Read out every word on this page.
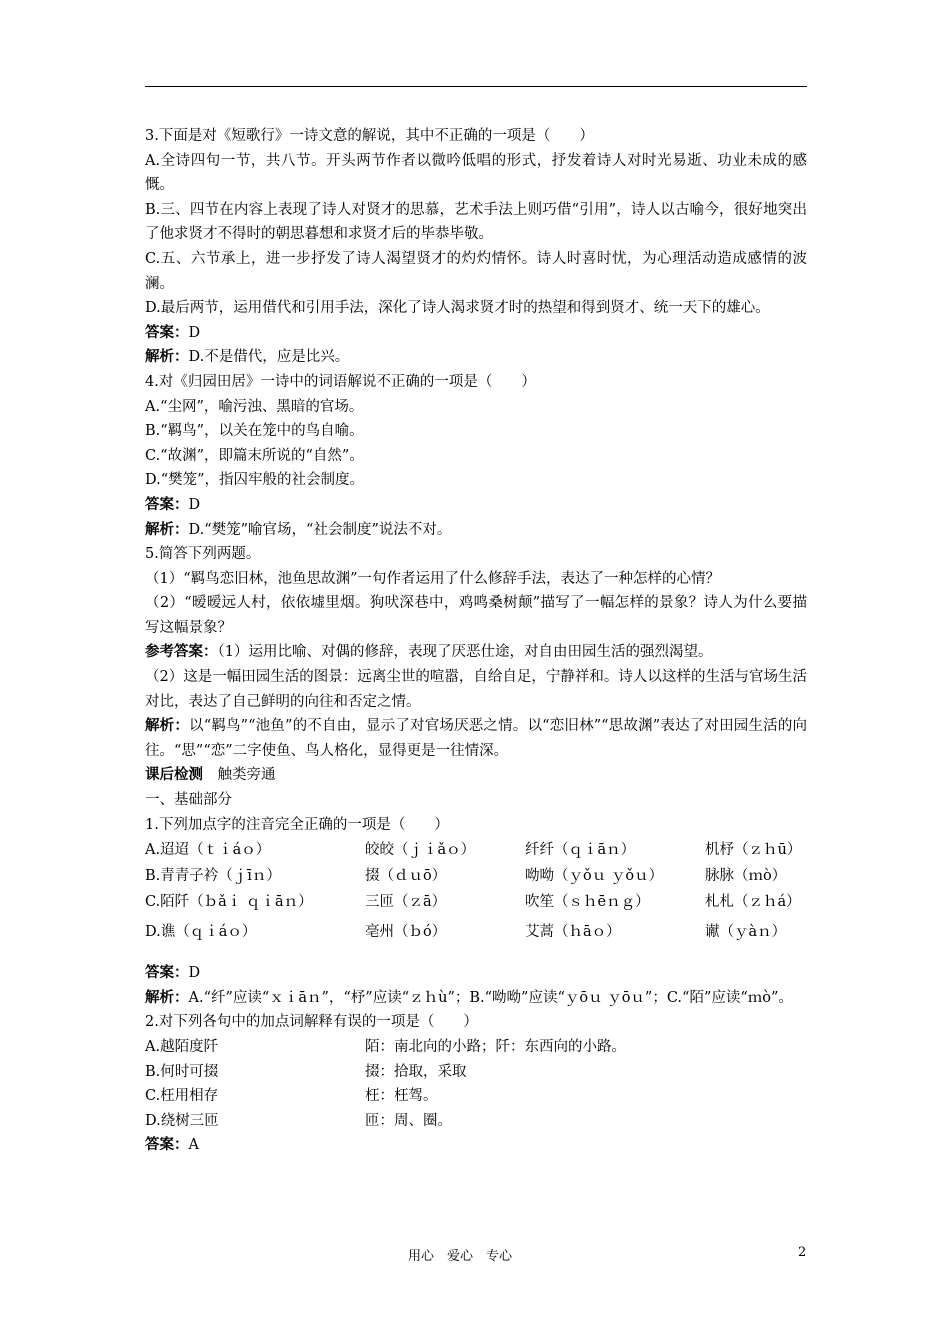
3.下面是对《短歌行》一诗文意的解说，其中不正确的一项是（　　）

A.全诗四句一节，共八节。开头两节作者以微吟低唱的形式，抒发着诗人对时光易逝、功业未成的感慨。

B.三、四节在内容上表现了诗人对贤才的思慕，艺术手法上则巧借“引用”，诗人以古喻今，很好地突出了他求贤才不得时的朝思暮想和求贤才后的毕恭毕敬。

C.五、六节承上，进一步抒发了诗人渴望贤才的灼灼情怀。诗人时喜时忧，为心理活动造成感情的波澜。

D.最后两节，运用借代和引用手法，深化了诗人渴求贤才时的热望和得到贤才、统一天下的雄心。

答案：D

解析：D.不是借代，应是比兴。

4.对《归园田居》一诗中的词语解说不正确的一项是（　　）

A.“尘网”，喻污浊、黑暗的官场。

B.“羁鸟”，以关在笼中的鸟自喻。

C.“故渊”，即篇末所说的“自然”。

D.“樊笼”，指囚牢般的社会制度。

答案：D

解析：D.“樊笼”喻官场，“社会制度”说法不对。

5.简答下列两题。

（1）“羁鸟恋旧林，池鱼思故渊”一句作者运用了什么修辞手法，表达了一种怎样的心情？

（2）“暧暧远人村，依依墟里烟。狗吠深巷中，鸡鸣桑树颠”描写了一幅怎样的景象？诗人为什么要描写这幅景象？

参考答案：（1）运用比喻、对偶的修辞，表现了厌恶仕途，对自由田园生活的强烈渴望。

（2）这是一幅田园生活的图景：远离尘世的喧嚣，自给自足，宁静祥和。诗人以这样的生活与官场生活对比，表达了自己鲜明的向往和否定之情。

解析：以“羁鸟”“池鱼”的不自由，显示了对官场厌恶之情。以“恋旧林”“思故渊”表达了对田园生活的向往。“思”“恋”二字使鱼、鸟人格化，显得更是一往情深。

课后检测　 触类旁通

一、基础部分

1.下列加点字的注音完全正确的一项是（　　）

A.迢迢（ｔｉáｏ）	皎皎（ｊｉǎｏ）	纤纤（ｑｉāｎ）	机杼（ｚｈū）
B.青青子衿（ｊīｎ）	掇（ｄｕō）	呦呦（ｙǒｕ ｙǒｕ）	脉脉（ｍò）
C.陌阡（ｂǎｉ ｑｉāｎ）	三匝（ｚā）	吹笙（ｓｈēｎｇ）	札札（ｚｈá）
D.谯（ｑｉáｏ）	亳州（ｂó）	艾蒿（ｈāｏ）	谳（ｙàｎ）

答案：D

解析：A.“纤”应读“ｘｉāｎ”，“杼”应读“ｚｈù”；B.“呦呦”应读“ｙōｕ ｙōｕ”；C.“陌”应读“ｍò”。

2.对下列各句中的加点词解释有误的一项是（　　）

A.越陌度阡	陌：南北向的小路；阡：东西向的小路。
B.何时可掇	掇：拾取，采取
C.枉用相存	枉：枉驾。
D.绕树三匝	匝：周、圈。

答案：A

用心　爱心　专心	2
